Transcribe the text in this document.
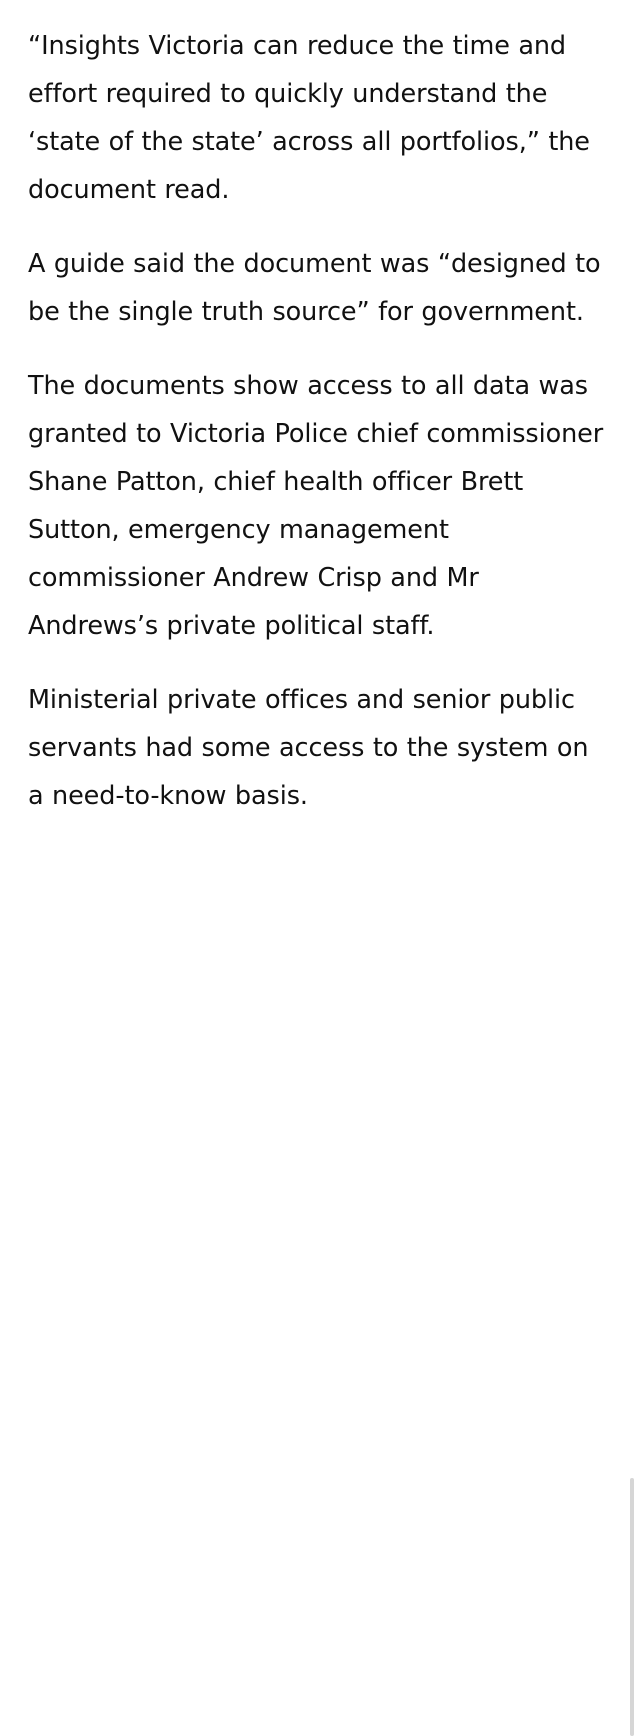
“Insights Victoria can reduce the time and effort required to quickly understand the ‘state of the state’ across all portfolios,” the document read.

A guide said the document was “designed to be the single truth source” for government.

The documents show access to all data was granted to Victoria Police chief commissioner Shane Patton, chief health officer Brett Sutton, emergency management commissioner Andrew Crisp and Mr Andrews’s private political staff.

Ministerial private offices and senior public servants had some access to the system on a need-to-know basis.
